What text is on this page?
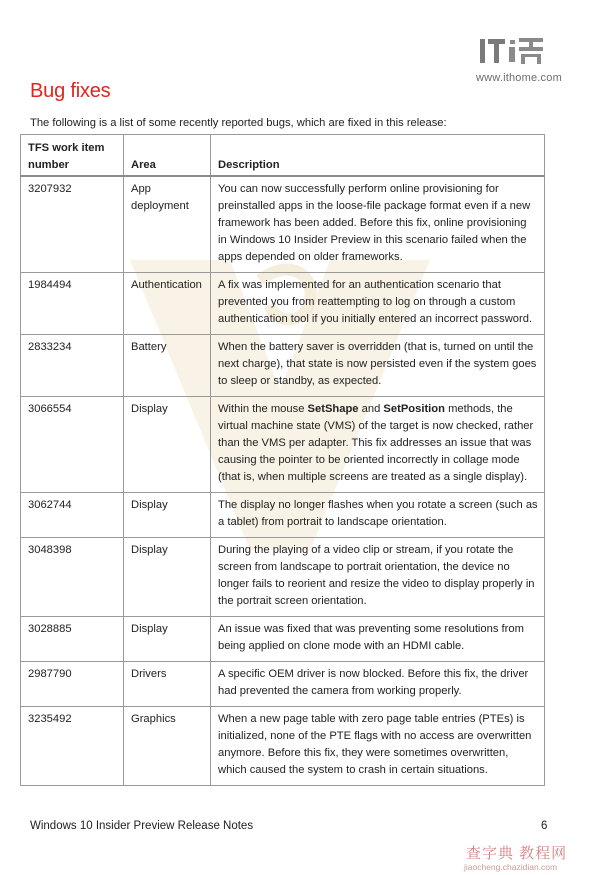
www.ithome.com
Bug fixes
The following is a list of some recently reported bugs, which are fixed in this release:
TFS work item number	Area	Description
3207932	App deployment	You can now successfully perform online provisioning for preinstalled apps in the loose-file package format even if a new framework has been added. Before this fix, online provisioning in Windows 10 Insider Preview in this scenario failed when the apps depended on older frameworks.
1984494	Authentication	A fix was implemented for an authentication scenario that prevented you from reattempting to log on through a custom authentication tool if you initially entered an incorrect password.
2833234	Battery	When the battery saver is overridden (that is, turned on until the next charge), that state is now persisted even if the system goes to sleep or standby, as expected.
3066554	Display	Within the mouse SetShape and SetPosition methods, the virtual machine state (VMS) of the target is now checked, rather than the VMS per adapter. This fix addresses an issue that was causing the pointer to be oriented incorrectly in collage mode (that is, when multiple screens are treated as a single display).
3062744	Display	The display no longer flashes when you rotate a screen (such as a tablet) from portrait to landscape orientation.
3048398	Display	During the playing of a video clip or stream, if you rotate the screen from landscape to portrait orientation, the device no longer fails to reorient and resize the video to display properly in the portrait screen orientation.
3028885	Display	An issue was fixed that was preventing some resolutions from being applied on clone mode with an HDMI cable.
2987790	Drivers	A specific OEM driver is now blocked. Before this fix, the driver had prevented the camera from working properly.
3235492	Graphics	When a new page table with zero page table entries (PTEs) is initialized, none of the PTE flags with no access are overwritten anymore. Before this fix, they were sometimes overwritten, which caused the system to crash in certain situations.
Windows 10 Insider Preview Release Notes	6
查字典 教程网
jiaocheng.chazidian.com
